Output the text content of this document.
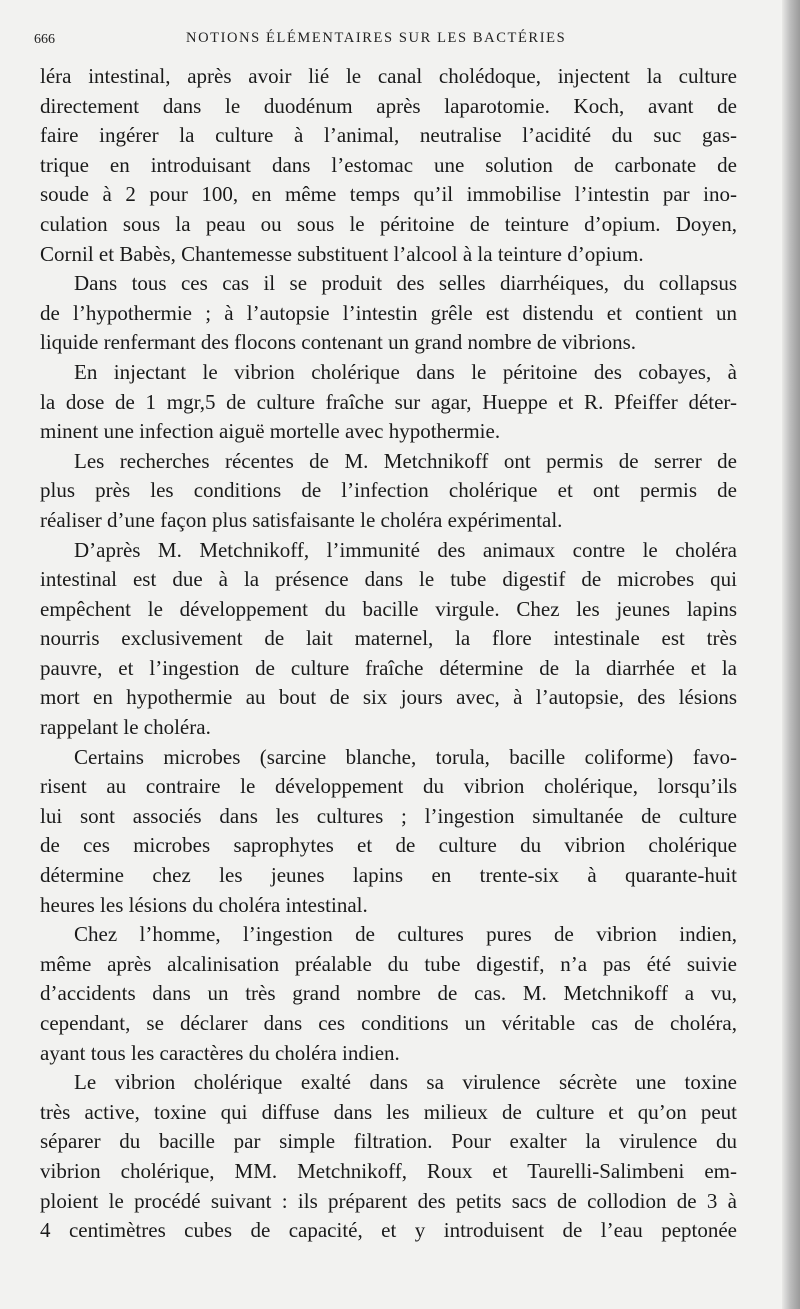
666	NOTIONS ÉLÉMENTAIRES SUR LES BACTÉRIES
léra intestinal, après avoir lié le canal cholédoque, injectent la culture
directement dans le duodénum après laparotomie. Koch, avant de
faire ingérer la culture à l’animal, neutralise l’acidité du suc gas-
trique en introduisant dans l’estomac une solution de carbonate de
soude à 2 pour 100, en même temps qu’il immobilise l’intestin par ino-
culation sous la peau ou sous le péritoine de teinture d’opium. Doyen,
Cornil et Babès, Chantemesse substituent l’alcool à la teinture d’opium.
Dans tous ces cas il se produit des selles diarrhéiques, du collapsus
de l’hypothermie ; à l’autopsie l’intestin grêle est distendu et contient un
liquide renfermant des flocons contenant un grand nombre de vibrions.
En injectant le vibrion cholérique dans le péritoine des cobayes, à
la dose de 1 mgr,5 de culture fraîche sur agar, Hueppe et R. Pfeiffer déter-
minent une infection aiguë mortelle avec hypothermie.
Les recherches récentes de M. Metchnikoff ont permis de serrer de
plus près les conditions de l’infection cholérique et ont permis de
réaliser d’une façon plus satisfaisante le choléra expérimental.
D’après M. Metchnikoff, l’immunité des animaux contre le choléra
intestinal est due à la présence dans le tube digestif de microbes qui
empêchent le développement du bacille virgule. Chez les jeunes lapins
nourris exclusivement de lait maternel, la flore intestinale est très
pauvre, et l’ingestion de culture fraîche détermine de la diarrhée et la
mort en hypothermie au bout de six jours avec, à l’autopsie, des lésions
rappelant le choléra.
Certains microbes (sarcine blanche, torula, bacille coliforme) favo-
risent au contraire le développement du vibrion cholérique, lorsqu’ils
lui sont associés dans les cultures ; l’ingestion simultanée de culture
de ces microbes saprophytes et de culture du vibrion cholérique
détermine chez les jeunes lapins en trente-six à quarante-huit
heures les lésions du choléra intestinal.
Chez l’homme, l’ingestion de cultures pures de vibrion indien,
même après alcalinisation préalable du tube digestif, n’a pas été suivie
d’accidents dans un très grand nombre de cas. M. Metchnikoff a vu,
cependant, se déclarer dans ces conditions un véritable cas de choléra,
ayant tous les caractères du choléra indien.
Le vibrion cholérique exalté dans sa virulence sécrète une toxine
très active, toxine qui diffuse dans les milieux de culture et qu’on peut
séparer du bacille par simple filtration. Pour exalter la virulence du
vibrion cholérique, MM. Metchnikoff, Roux et Taurelli-Salimbeni em-
ploient le procédé suivant : ils préparent des petits sacs de collodion de 3 à
4 centimètres cubes de capacité, et y introduisent de l’eau peptonée
